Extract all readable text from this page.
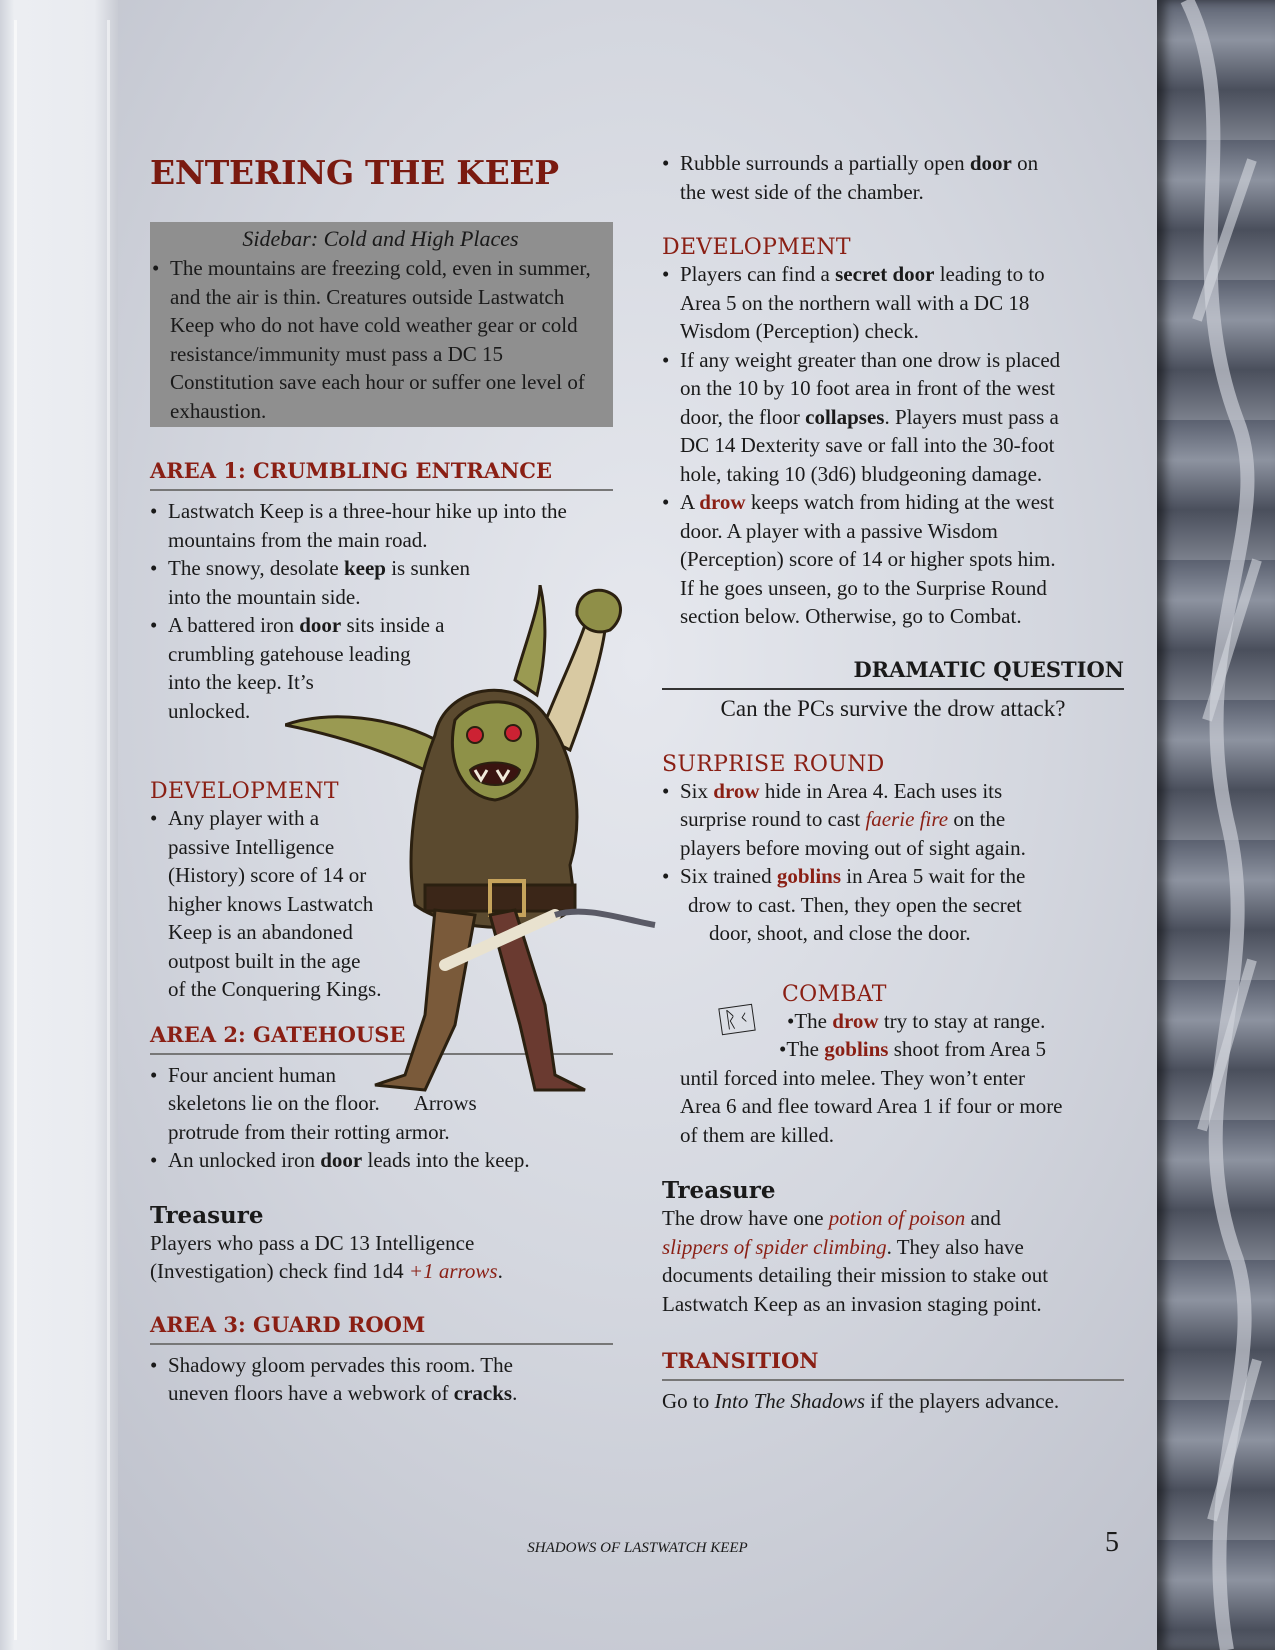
ENTERING THE KEEP
Sidebar: Cold and High Places
• The mountains are freezing cold, even in summer, and the air is thin. Creatures outside Lastwatch Keep who do not have cold weather gear or cold resistance/immunity must pass a DC 15 Constitution save each hour or suffer one level of exhaustion.
AREA 1: CRUMBLING ENTRANCE
• Lastwatch Keep is a three-hour hike up into the mountains from the main road.
• The snowy, desolate keep is sunken
into the mountain side.
• A battered iron door sits inside a
crumbling gatehouse leading
into the keep. It’s
unlocked.
DEVELOPMENT
• Any player with a
passive Intelligence
(History) score of 14 or
higher knows Lastwatch
Keep is an abandoned
outpost built in the age
of the Conquering Kings.
AREA 2: GATEHOUSE
• Four ancient human
skeletons lie on the floor. Arrows
protrude from their rotting armor.
• An unlocked iron door leads into the keep.
Treasure

Players who pass a DC 13 Intelligence
(Investigation) check find 1d4 +1 arrows.

AREA 3: GUARD ROOM
• Shadowy gloom pervades this room. The
uneven floors have a webwork of cracks.
• Rubble surrounds a partially open door on
the west side of the chamber.
DEVELOPMENT
• Players can find a secret door leading to to
Area 5 on the northern wall with a DC 18
Wisdom (Perception) check.
• If any weight greater than one drow is placed
on the 10 by 10 foot area in front of the west
door, the floor collapses. Players must pass a
DC 14 Dexterity save or fall into the 30-foot
hole, taking 10 (3d6) bludgeoning damage.
• A drow keeps watch from hiding at the west
door. A player with a passive Wisdom
(Perception) score of 14 or higher spots him.
If he goes unseen, go to the Surprise Round
section below. Otherwise, go to Combat.
DRAMATIC QUESTION
Can the PCs survive the drow attack?
SURPRISE ROUND
• Six drow hide in Area 4. Each uses its
surprise round to cast faerie fire on the
players before moving out of sight again.
• Six trained goblins in Area 5 wait for the
drow to cast. Then, they open the secret
door, shoot, and close the door.
COMBAT
ᚱᚲ	•The drow try to stay at range.

•The goblins shoot from Area 5

until forced into melee. They won’t enter
Area 6 and flee toward Area 1 if four or more
of them are killed.

Treasure

The drow have one potion of poison and
slippers of spider climbing. They also have
documents detailing their mission to stake out
Lastwatch Keep as an invasion staging point.

TRANSITION

Go to Into The Shadows if the players advance.

SHADOWS OF LASTWATCH KEEP	5
